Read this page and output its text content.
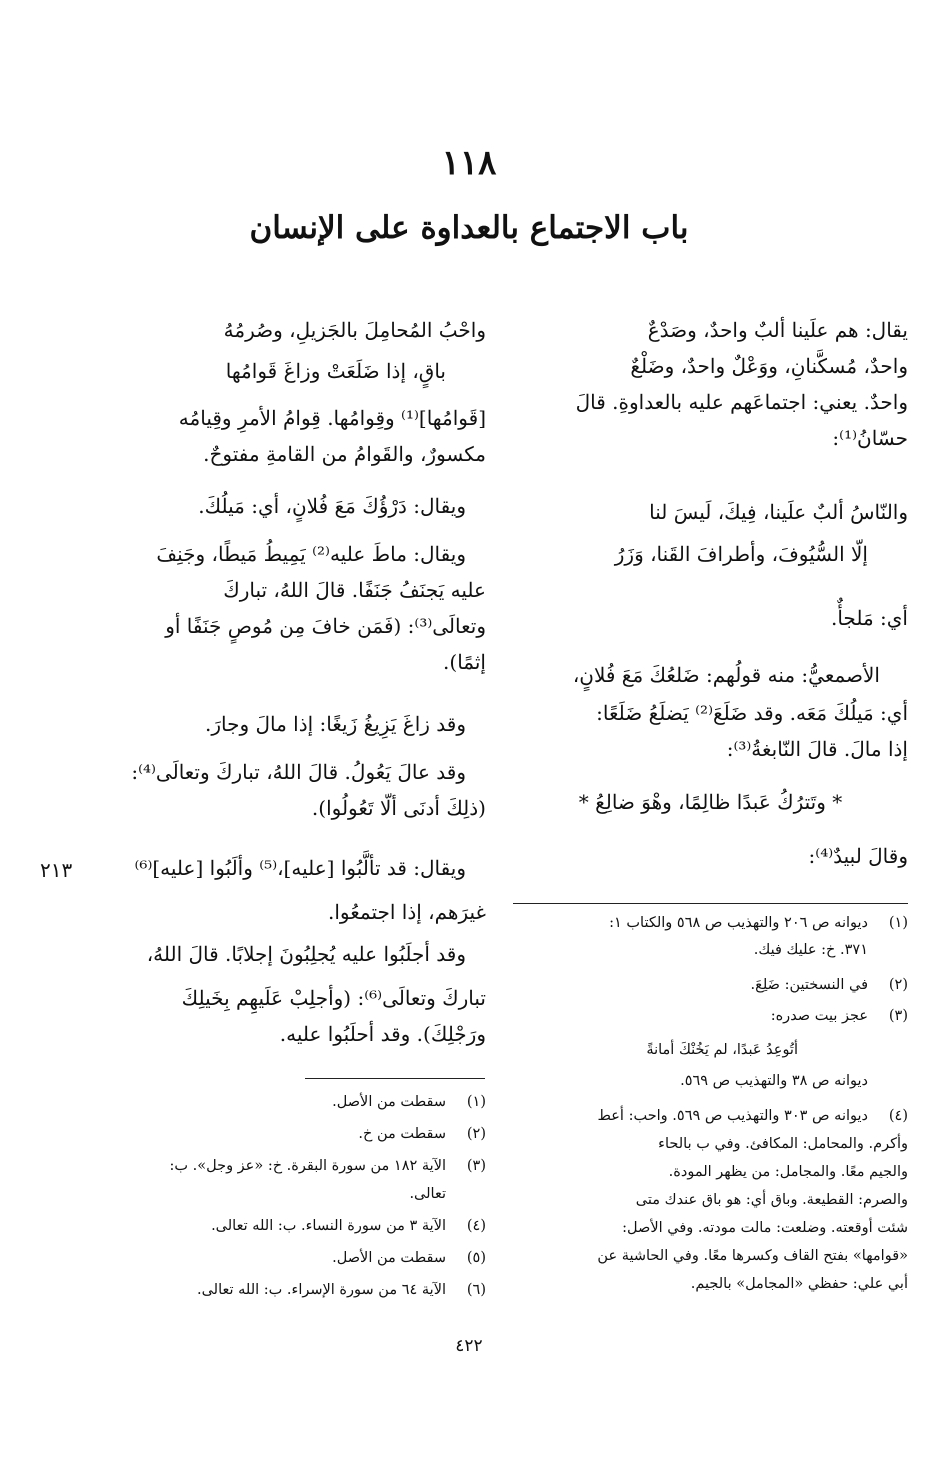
١١٨
باب الاجتماع بالعداوة على الإنسان
يقال: هم علَينا ألبٌ واحدٌ، وصَدْعٌ
واحدٌ، مُسكَّنانِ، ووَعْلٌ واحدٌ، وضَلْعٌ
واحدٌ. يعني: اجتماعَهم عليه بالعداوةِ. قالَ
حسّانُ⁽¹⁾:
والنّاسُ ألبٌ علَينا، فِيكَ، لَيسَ لنا
إلّا السُّيُوفَ، وأطرافَ القَنا، وَزَرُ
أي: مَلجأٌ.
الأصمعيُّ: منه قولُهم: ضَلعُكَ مَعَ فُلانٍ،
أي: مَيلُكَ مَعَه. وقد ضَلَعَ⁽²⁾ يَضلَعُ ضَلَعًا:
إذا مالَ. قالَ النّابغةُ⁽³⁾:
* وتَترُكُ عَبدًا ظالِمًا، وهْوَ ضالِعُ *
وقالَ لبيدٌ⁽⁴⁾:
(١)ديوانه ص ٢٠٦ والتهذيب ص ٥٦٨ والكتاب ١:
٣٧١. خ: عليك فيك.
(٢)في النسختين: ضَلِعَ.
(٣)عجز بيت صدره:
أتُوعِدُ عَبدًا، لم يَخُنْكَ أمانةً
ديوانه ص ٣٨ والتهذيب ص ٥٦٩.
(٤)ديوانه ص ٣٠٣ والتهذيب ص ٥٦٩. واحب: أعط
وأكرم. والمحامل: المكافئ. وفي ب بالحاء
والجيم معًا. والمجامل: من يظهر المودة.
والصرم: القطيعة. وباق أي: هو باق عندك متى
شئت أوقعته. وضلعت: مالت مودته. وفي الأصل:
«قوامها» بفتح القاف وكسرها معًا. وفي الحاشية عن
أبي علي: حفظي «المجامل» بالجيم.
واحْبُ المُحامِلَ بالجَزيلِ، وصُرمُهُ
باقٍ، إذا ضَلَعَتْ وزاغَ قَوامُها
[قَوامُها]⁽¹⁾ وقِوامُها. قِوامُ الأمرِ وقِيامُه
مكسورٌ، والقَوامُ من القامةِ مفتوحٌ.
ويقال: دَرْؤُكَ مَعَ فُلانٍ، أي: مَيلُكَ.
ويقال: ماطَ عليه⁽²⁾ يَمِيطُ مَيطًا، وجَنِفَ
عليه يَجنَفُ جَنَفًا. قالَ اللهُ، تباركَ
وتعالَى⁽³⁾: (فَمَن خافَ مِن مُوصٍ جَنَفًا أو
إثمًا).
وقد زاغَ يَزِيغُ زَيغًا: إذا مالَ وجارَ.
وقد عالَ يَعُولُ. قالَ اللهُ، تباركَ وتعالَى⁽⁴⁾:
(ذلِكَ أدنَى ألّا تَعُولُوا).
ويقال: قد تألَّبُوا [عليه]،⁽⁵⁾ وألَبُوا [عليه]⁽⁶⁾
غيرَهم، إذا اجتمعُوا.
وقد أجلَبُوا عليه يُجلِبُونَ إجلابًا. قالَ اللهُ،
تباركَ وتعالَى⁽⁶⁾: (وأجلِبْ عَلَيهِم بِخَيلِكَ
ورَجْلِكَ). وقد أحلَبُوا عليه.
(١)سقطت من الأصل.
(٢)سقطت من خ.
(٣)الآية ١٨٢ من سورة البقرة. خ: «عز وجل». ب:
تعالى.
(٤)الآية ٣ من سورة النساء. ب: الله تعالى.
(٥)سقطت من الأصل.
(٦)الآية ٦٤ من سورة الإسراء. ب: الله تعالى.
٢١٣
٤٢٢
